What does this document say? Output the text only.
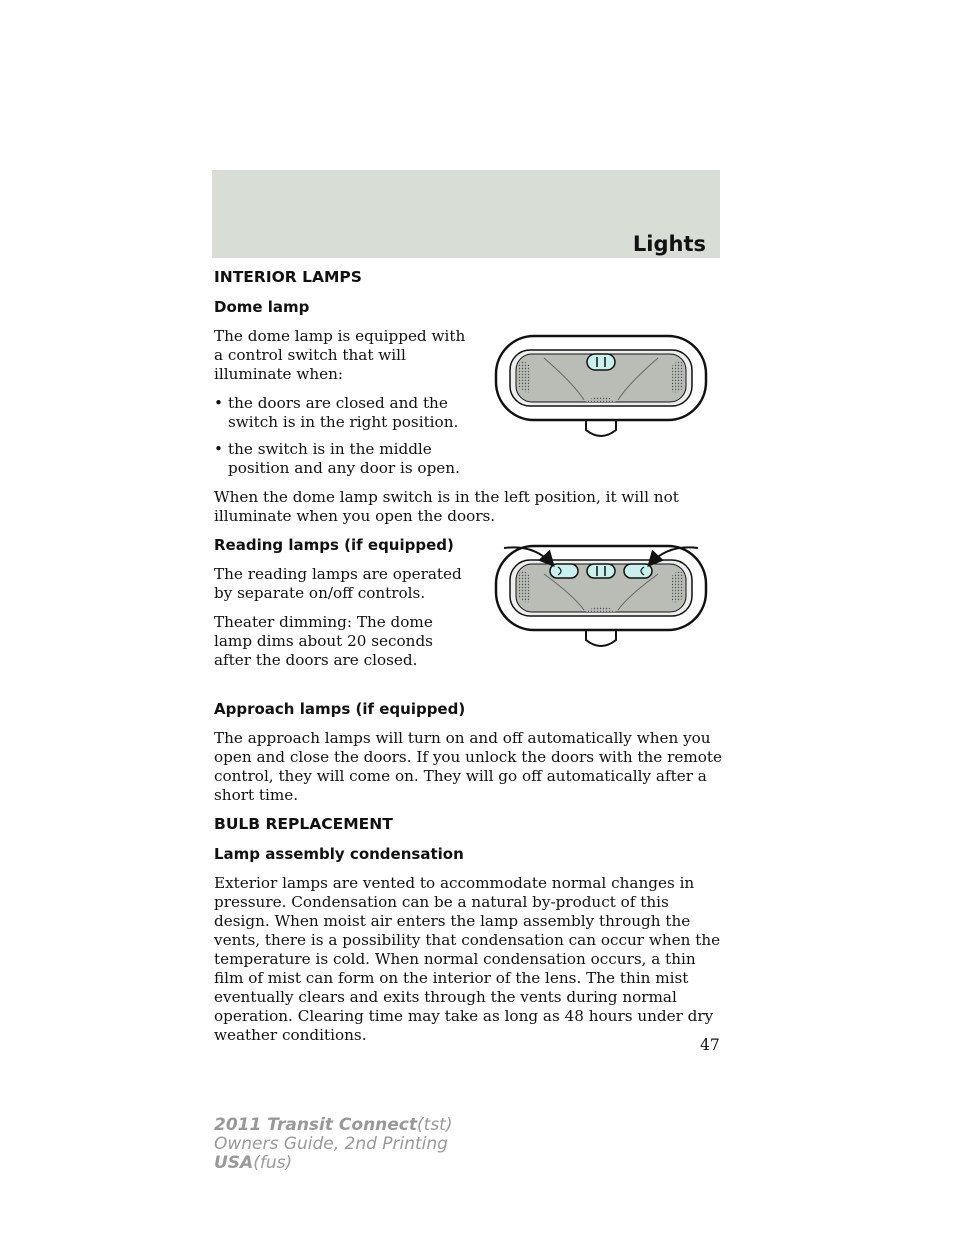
Lights
INTERIOR LAMPS
Dome lamp

The dome lamp is equipped with a control switch that will illuminate when:

• the doors are closed and the switch is in the right position.
• the switch is in the middle position and any door is open.

When the dome lamp switch is in the left position, it will not illuminate when you open the doors.

Reading lamps (if equipped)

The reading lamps are operated by separate on/off controls.

Theater dimming: The dome lamp dims about 20 seconds after the doors are closed.

Approach lamps (if equipped)

The approach lamps will turn on and off automatically when you open and close the doors. If you unlock the doors with the remote control, they will come on. They will go off automatically after a short time.

BULB REPLACEMENT
Lamp assembly condensation

Exterior lamps are vented to accommodate normal changes in pressure. Condensation can be a natural by-product of this design. When moist air enters the lamp assembly through the vents, there is a possibility that condensation can occur when the temperature is cold. When normal condensation occurs, a thin film of mist can form on the interior of the lens. The thin mist eventually clears and exits through the vents during normal operation. Clearing time may take as long as 48 hours under dry weather conditions.

47
2011 Transit Connect(tst)
Owners Guide, 2nd Printing
USA(fus)
